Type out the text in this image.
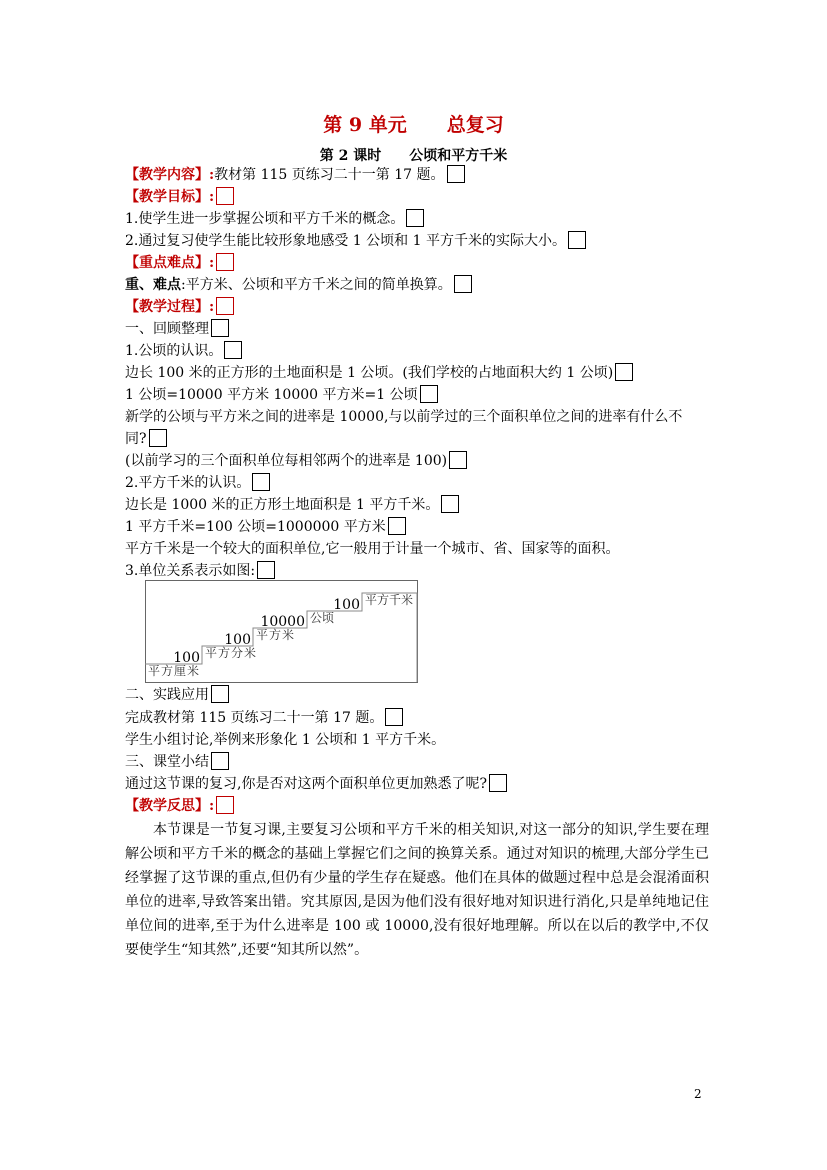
第 9 单元 总复习
第 2 课时 公顷和平方千米
【教学内容】:教材第 115 页练习二十一第 17 题。
【教学目标】:
1.使学生进一步掌握公顷和平方千米的概念。
2.通过复习使学生能比较形象地感受 1 公顷和 1 平方千米的实际大小。
【重点难点】:
重、难点:平方米、公顷和平方千米之间的简单换算。
【教学过程】:
一、回顾整理
1.公顷的认识。
边长 100 米的正方形的土地面积是 1 公顷。(我们学校的占地面积大约 1 公顷)
1 公顷=10000 平方米 10000 平方米=1 公顷
新学的公顷与平方米之间的进率是 10000,与以前学过的三个面积单位之间的进率有什么不
同?
(以前学习的三个面积单位每相邻两个的进率是 100)
2.平方千米的认识。
边长是 1000 米的正方形土地面积是 1 平方千米。
1 平方千米=100 公顷=1000000 平方米
平方千米是一个较大的面积单位,它一般用于计量一个城市、省、国家等的面积。
3.单位关系表示如图:
平方厘米
平方分米
平方米
公顷
平方千米
100
100
10000
100
二、实践应用
完成教材第 115 页练习二十一第 17 题。
学生小组讨论,举例来形象化 1 公顷和 1 平方千米。
三、课堂小结
通过这节课的复习,你是否对这两个面积单位更加熟悉了呢?
【教学反思】:
本节课是一节复习课,主要复习公顷和平方千米的相关知识,对这一部分的知识,学生要在理解公顷和平方千米的概念的基础上掌握它们之间的换算关系。通过对知识的梳理,大部分学生已经掌握了这节课的重点,但仍有少量的学生存在疑惑。他们在具体的做题过程中总是会混淆面积单位的进率,导致答案出错。究其原因,是因为他们没有很好地对知识进行消化,只是单纯地记住单位间的进率,至于为什么进率是 100 或 10000,没有很好地理解。所以在以后的教学中,不仅要使学生“知其然”,还要“知其所以然”。
2
